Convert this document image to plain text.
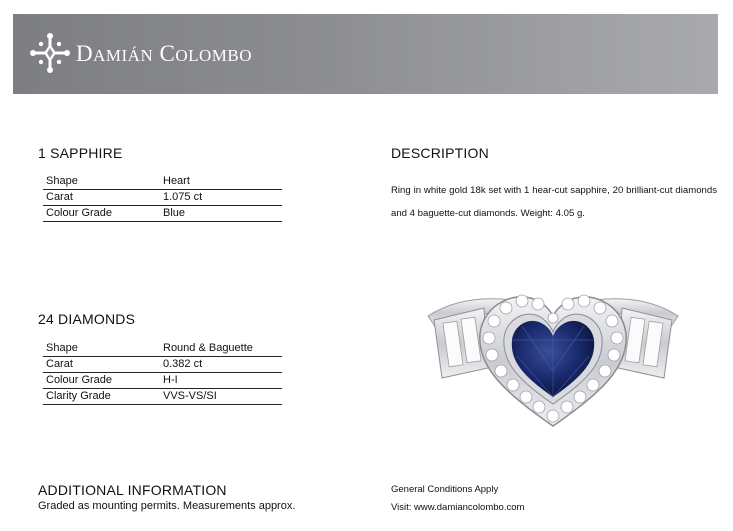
DAMIÁN COLOMBO
1 SAPPHIRE
Shape	Heart
Carat	1.075 ct
Colour Grade	Blue
24 DIAMONDS
Shape	Round & Baguette
Carat	0.382 ct
Colour Grade	H-I
Clarity Grade	VVS-VS/SI
DESCRIPTION
Ring in white gold 18k set with 1 hear-cut sapphire, 20 brilliant-cut diamonds and 4 baguette-cut diamonds. Weight: 4.05 g.
ADDITIONAL INFORMATION
Graded as mounting permits. Measurements approx.
General Conditions Apply
Visit: www.damiancolombo.com
